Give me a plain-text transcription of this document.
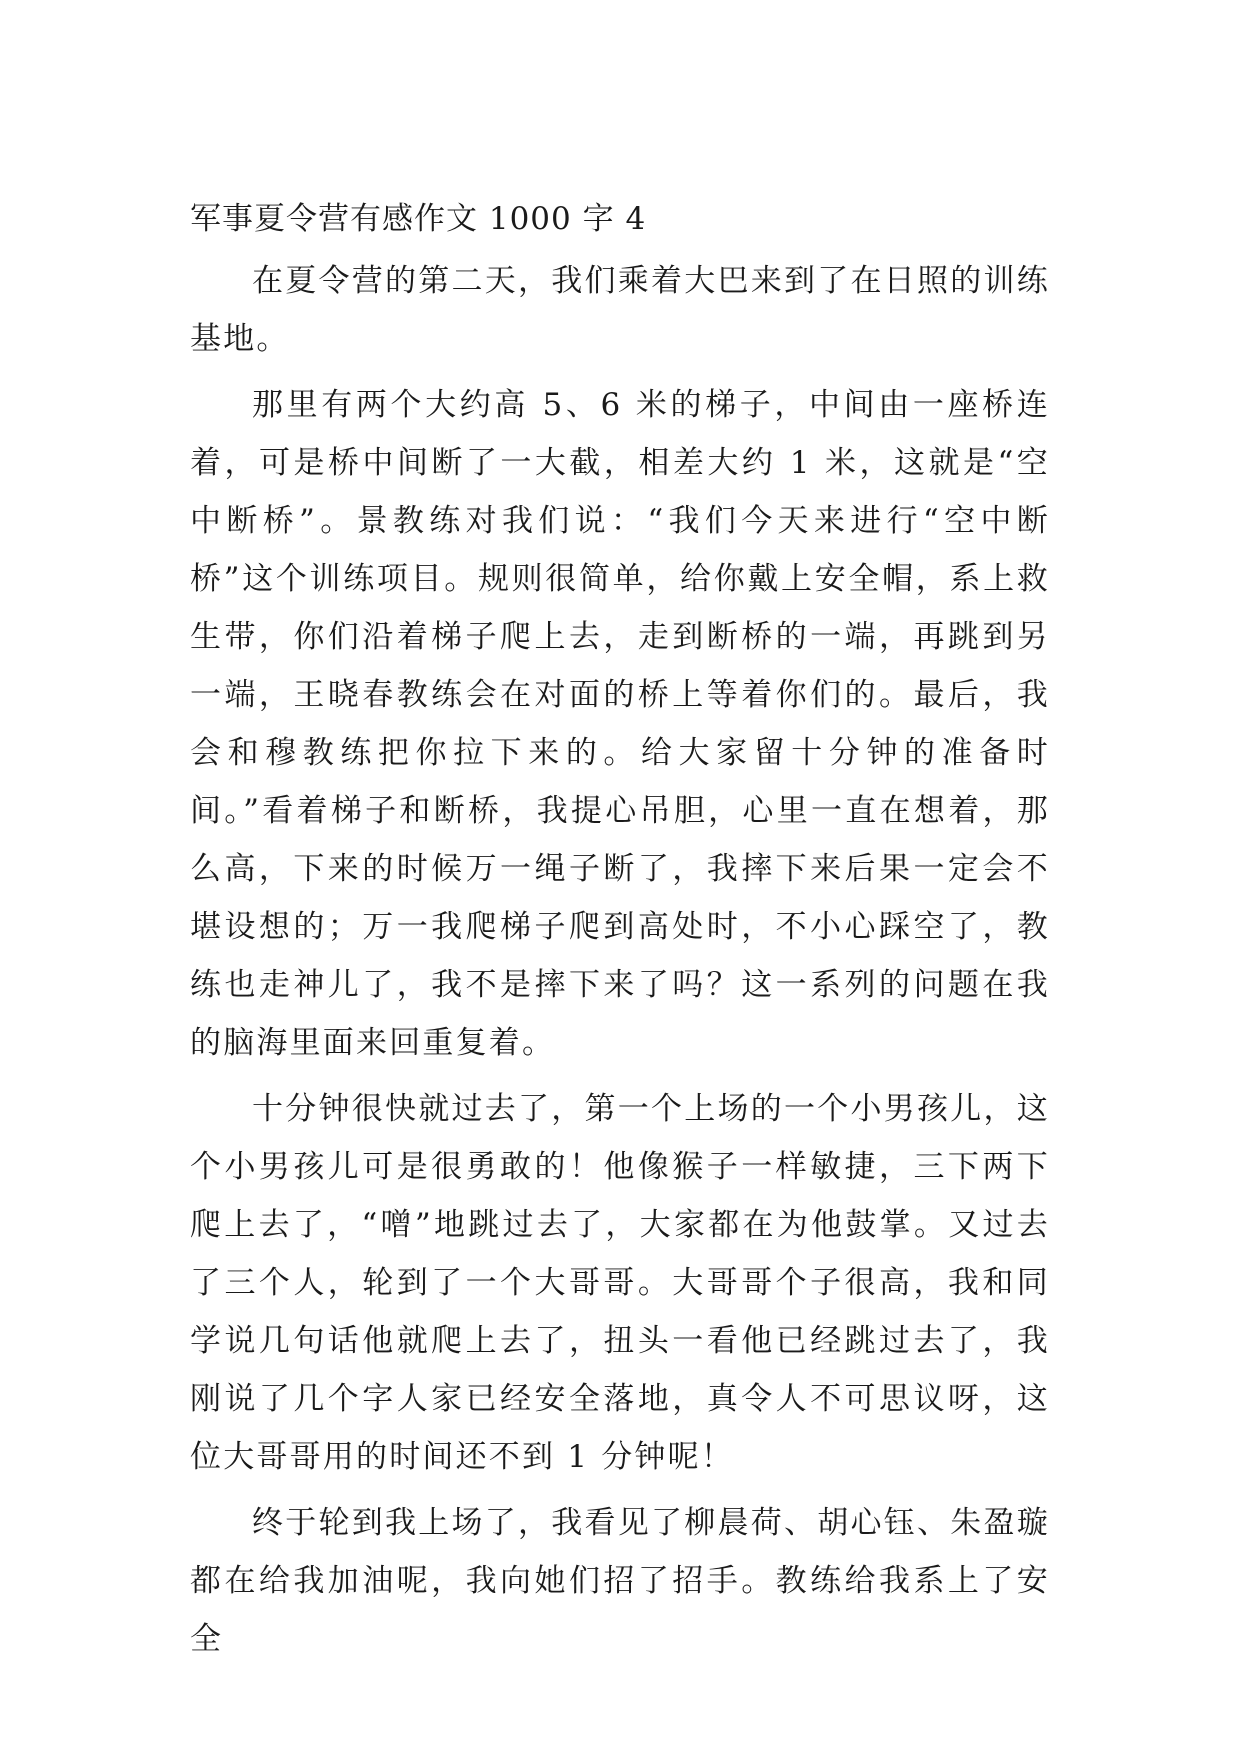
军事夏令营有感作文 1000 字 4

在夏令营的第二天，我们乘着大巴来到了在日照的训练基地。

那里有两个大约高 5、6 米的梯子，中间由一座桥连着，可是桥中间断了一大截，相差大约 1 米，这就是“空中断桥”。景教练对我们说：“我们今天来进行“空中断桥”这个训练项目。规则很简单，给你戴上安全帽，系上救生带，你们沿着梯子爬上去，走到断桥的一端，再跳到另一端，王晓春教练会在对面的桥上等着你们的。最后，我会和穆教练把你拉下来的。给大家留十分钟的准备时间。”看着梯子和断桥，我提心吊胆，心里一直在想着，那么高，下来的时候万一绳子断了，我摔下来后果一定会不堪设想的；万一我爬梯子爬到高处时，不小心踩空了，教练也走神儿了，我不是摔下来了吗？这一系列的问题在我的脑海里面来回重复着。

十分钟很快就过去了，第一个上场的一个小男孩儿，这个小男孩儿可是很勇敢的！他像猴子一样敏捷，三下两下爬上去了，“噌”地跳过去了，大家都在为他鼓掌。又过去了三个人，轮到了一个大哥哥。大哥哥个子很高，我和同学说几句话他就爬上去了，扭头一看他已经跳过去了，我刚说了几个字人家已经安全落地，真令人不可思议呀，这位大哥哥用的时间还不到 1 分钟呢！

终于轮到我上场了，我看见了柳晨荷、胡心钰、朱盈璇都在给我加油呢，我向她们招了招手。教练给我系上了安全
